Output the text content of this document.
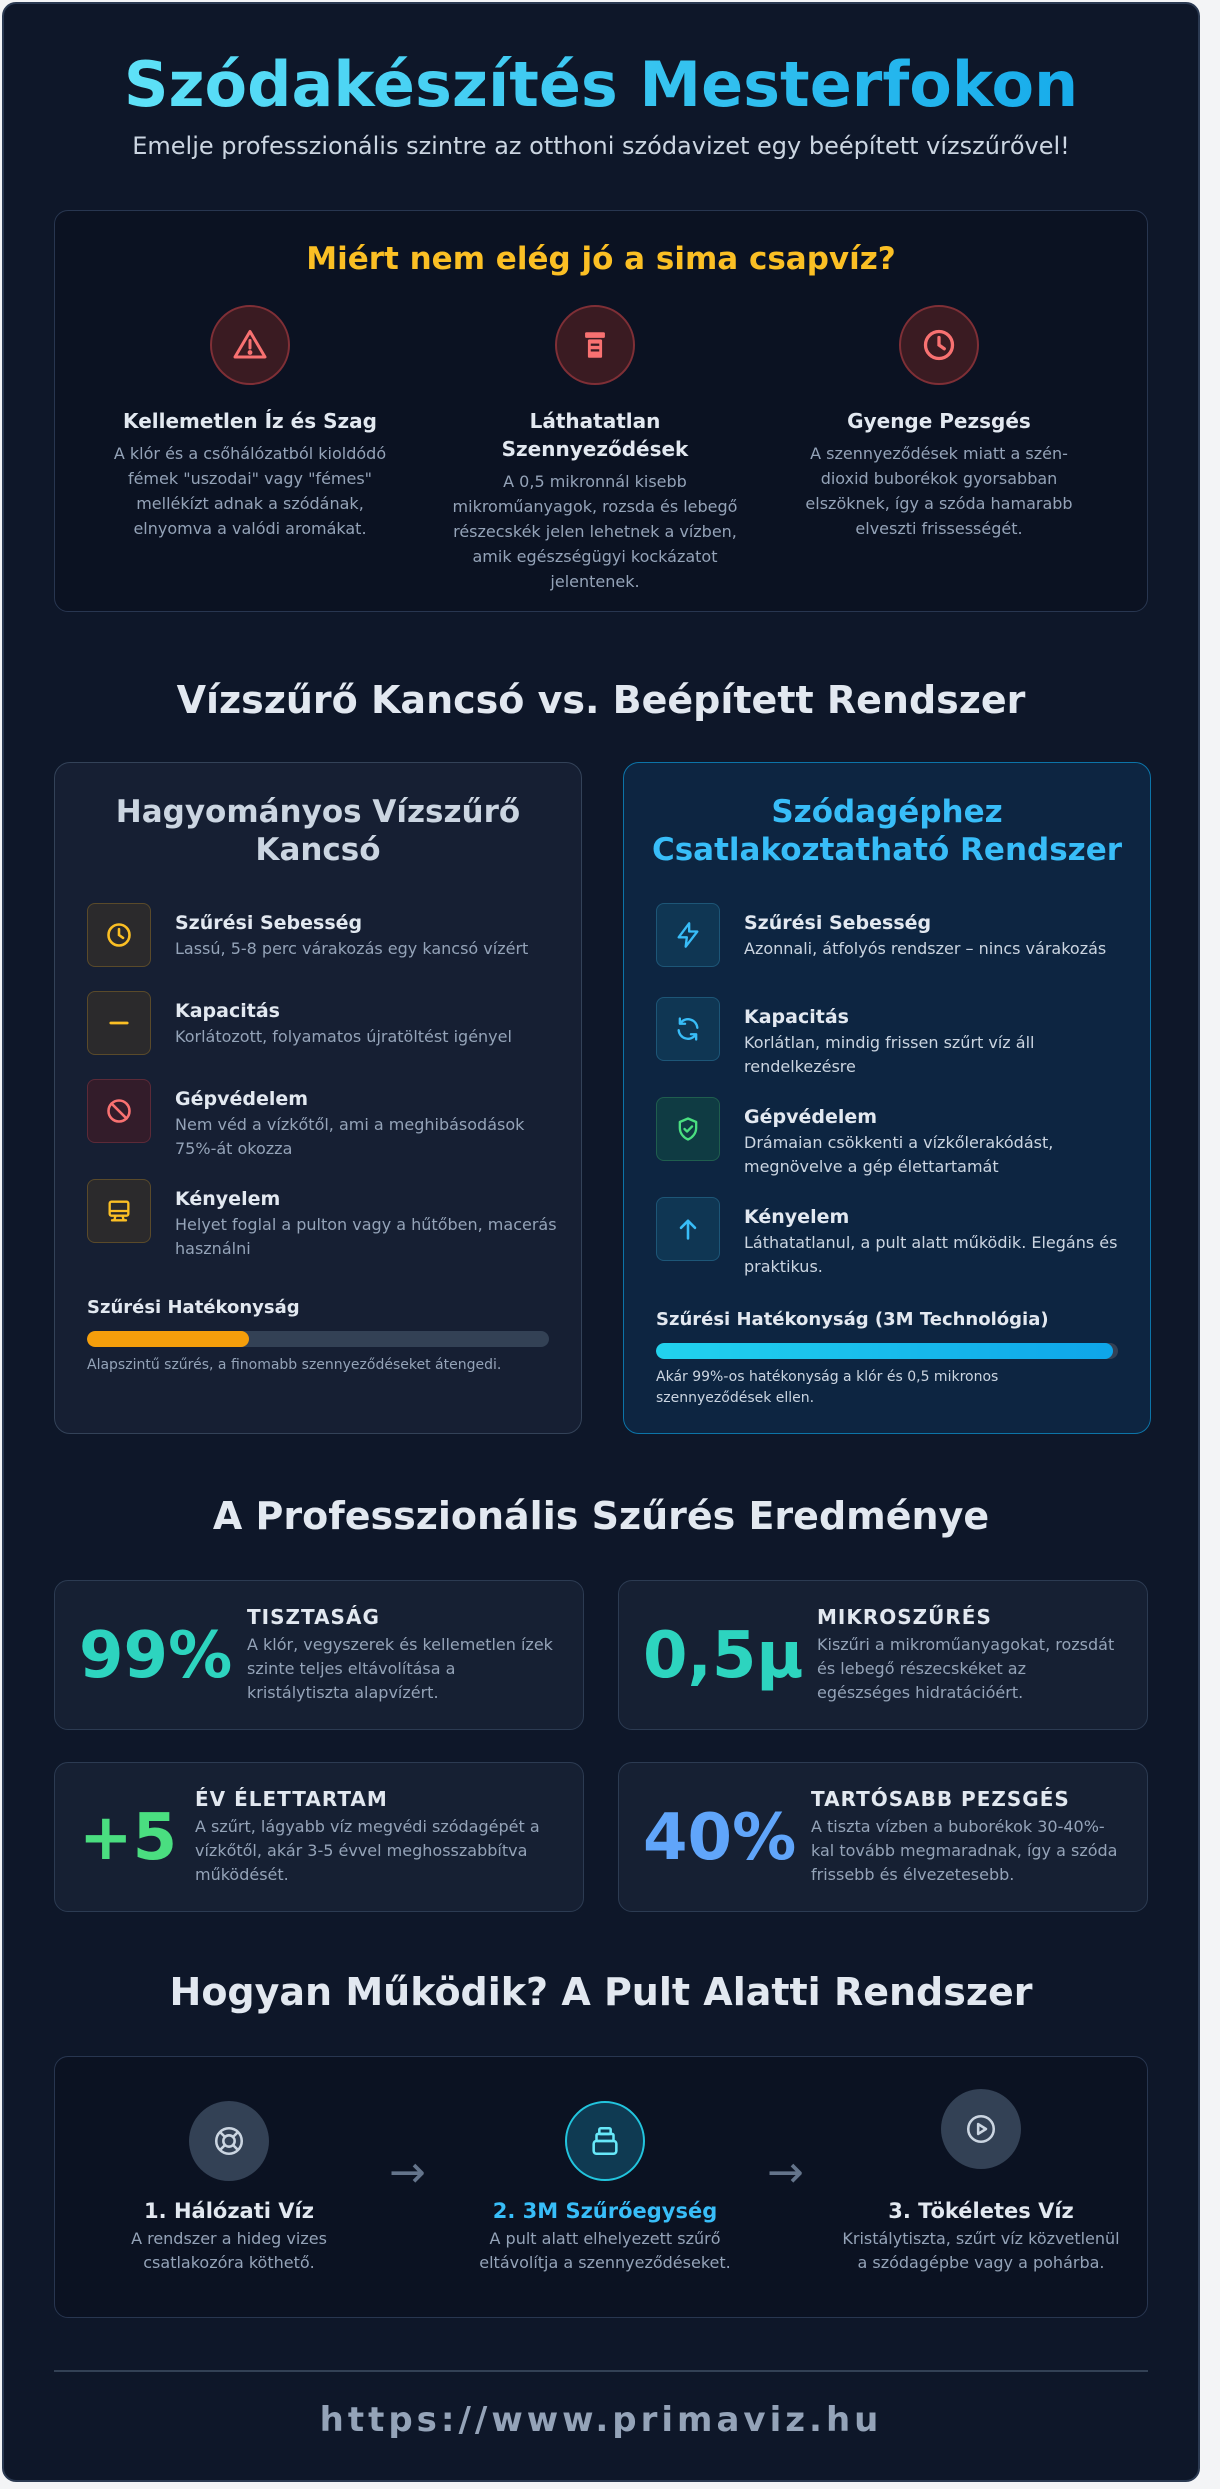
Szódakészítés Mesterfokon

Emelje professzionális szintre az otthoni szódavizet egy beépített vízszűrővel!

Miért nem elég jó a sima csapvíz?
Kellemetlen Íz és Szag
A klór és a csőhálózatból kioldódó fémek "uszodai" vagy "fémes" mellékízt adnak a szódának, elnyomva a valódi aromákat.
Láthatatlan Szennyeződések
A 0,5 mikronnál kisebb mikroműanyagok, rozsda és lebegő részecskék jelen lehetnek a vízben, amik egészségügyi kockázatot jelentenek.
Gyenge Pezsgés
A szennyeződések miatt a szén-dioxid buborékok gyorsabban elszöknek, így a szóda hamarabb elveszti frissességét.
Vízszűrő Kancsó vs. Beépített Rendszer
Hagyományos Vízszűrő Kancsó
Szűrési Sebesség
Lassú, 5-8 perc várakozás egy kancsó vízért
Kapacitás
Korlátozott, folyamatos újratöltést igényel
Gépvédelem
Nem véd a vízkőtől, ami a meghibásodások 75%-át okozza
Kényelem
Helyet foglal a pulton vagy a hűtőben, macerás használni
Szűrési Hatékonyság
Alapszintű szűrés, a finomabb szennyeződéseket átengedi.
Szódagéphez Csatlakoztatható Rendszer
Szűrési Sebesség
Azonnali, átfolyós rendszer – nincs várakozás
Kapacitás
Korlátlan, mindig frissen szűrt víz áll rendelkezésre
Gépvédelem
Drámaian csökkenti a vízkőlerakódást, megnövelve a gép élettartamát
Kényelem
Láthatatlanul, a pult alatt működik. Elegáns és praktikus.
Szűrési Hatékonyság (3M Technológia)
Akár 99%-os hatékonyság a klór és 0,5 mikronos szennyeződések ellen.
A Professzionális Szűrés Eredménye
99%
TISZTASÁG
A klór, vegyszerek és kellemetlen ízek szinte teljes eltávolítása a kristálytiszta alapvízért.	0,5μ
MIKROSZŰRÉS
Kiszűri a mikroműanyagokat, rozsdát és lebegő részecskéket az egészséges hidratációért.
+5
ÉV ÉLETTARTAM
A szűrt, lágyabb víz megvédi szódagépét a vízkőtől, akár 3-5 évvel meghosszabbítva működését.	40%
TARTÓSABB PEZSGÉS
A tiszta vízben a buborékok 30-40%-kal tovább megmaradnak, így a szóda frissebb és élvezetesebb.
Hogyan Működik? A Pult Alatti Rendszer
1. Hálózati Víz
A rendszer a hideg vizes csatlakozóra köthető.
→
2. 3M Szűrőegység
A pult alatt elhelyezett szűrő eltávolítja a szennyeződéseket.
→
3. Tökéletes Víz
Kristálytiszta, szűrt víz közvetlenül a szódagépbe vagy a pohárba.
https://www.primaviz.hu
